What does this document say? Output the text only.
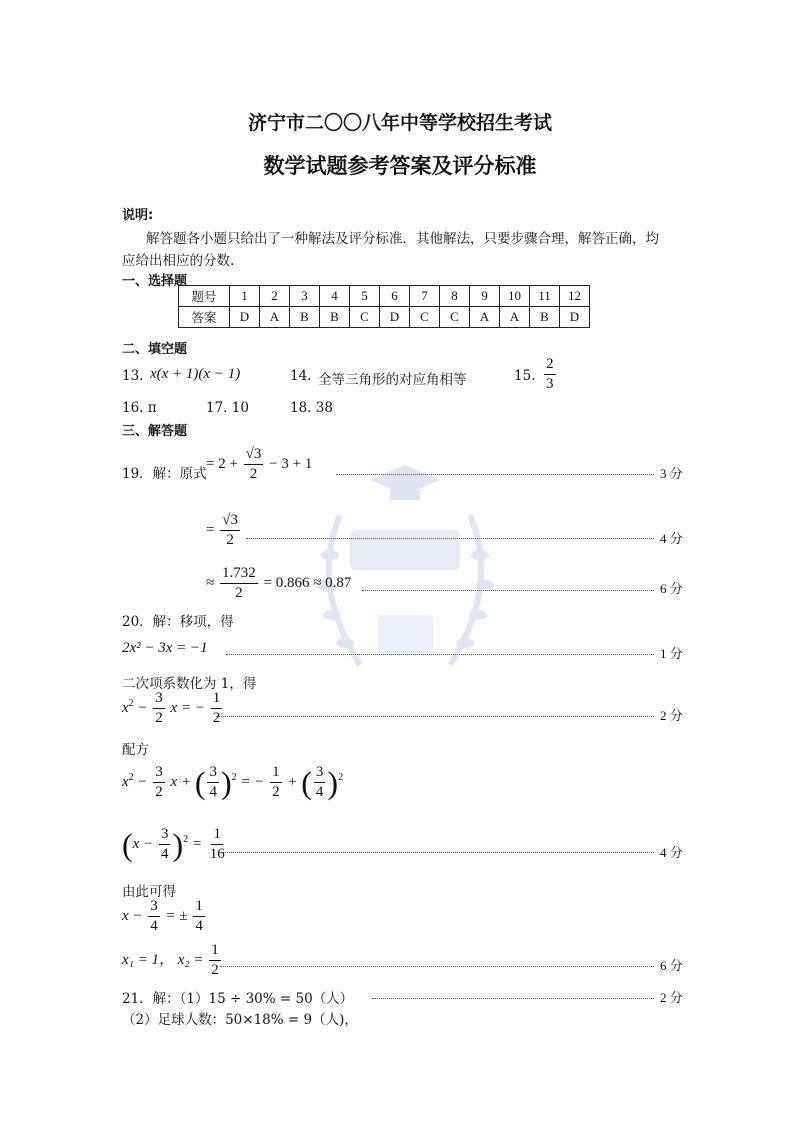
济宁市二〇〇八年中等学校招生考试
数学试题参考答案及评分标准
说明:
解答题各小题只给出了一种解法及评分标准．其他解法，只要步骤合理，解答正确，均
应给出相应的分数.
一、选择题
题号	1	2	3	4	5	6	7	8	9	10	11	12
答案	D	A	B	B	C	D	C	C	A	A	B	D
二、填空题
13. x(x + 1)(x − 1)	14. 全等三角形的对应角相等	15. $\frac{2}{3}$
16. π	17. 10	18. 38
三、解答题
19．解：原式
= $2 + \frac{√3}{2} - 3 + 1$
3 分
= $\frac{√3}{2}$	4 分
≈ $\frac{1.732}{2} = 0.866 \approx 0.87$	6 分
20．解：移项，得
2x² − 3x = −1	1 分
二次项系数化为 1，得
$x^2 - \frac{3}{2}$ x = − $\frac{1}{2}$	2 分
配方
$x^2 - \frac{3}{2}$ x + ( $\frac{3}{4} )^2$ = − $\frac{1}{2}$ + ( $\frac{3}{4} )^2$
$(x - \frac{3}{4} )^2 = \frac{1}{16}$	4 分
由此可得
$x - \frac{3}{4}$ = ± $\frac{1}{4}$
x₁ = 1， $x_2 = \frac{1}{2}$	6 分
21．解：（1）15 ÷ 30% = 50（人）	2 分
（2）足球人数：50×18% = 9（人)，
